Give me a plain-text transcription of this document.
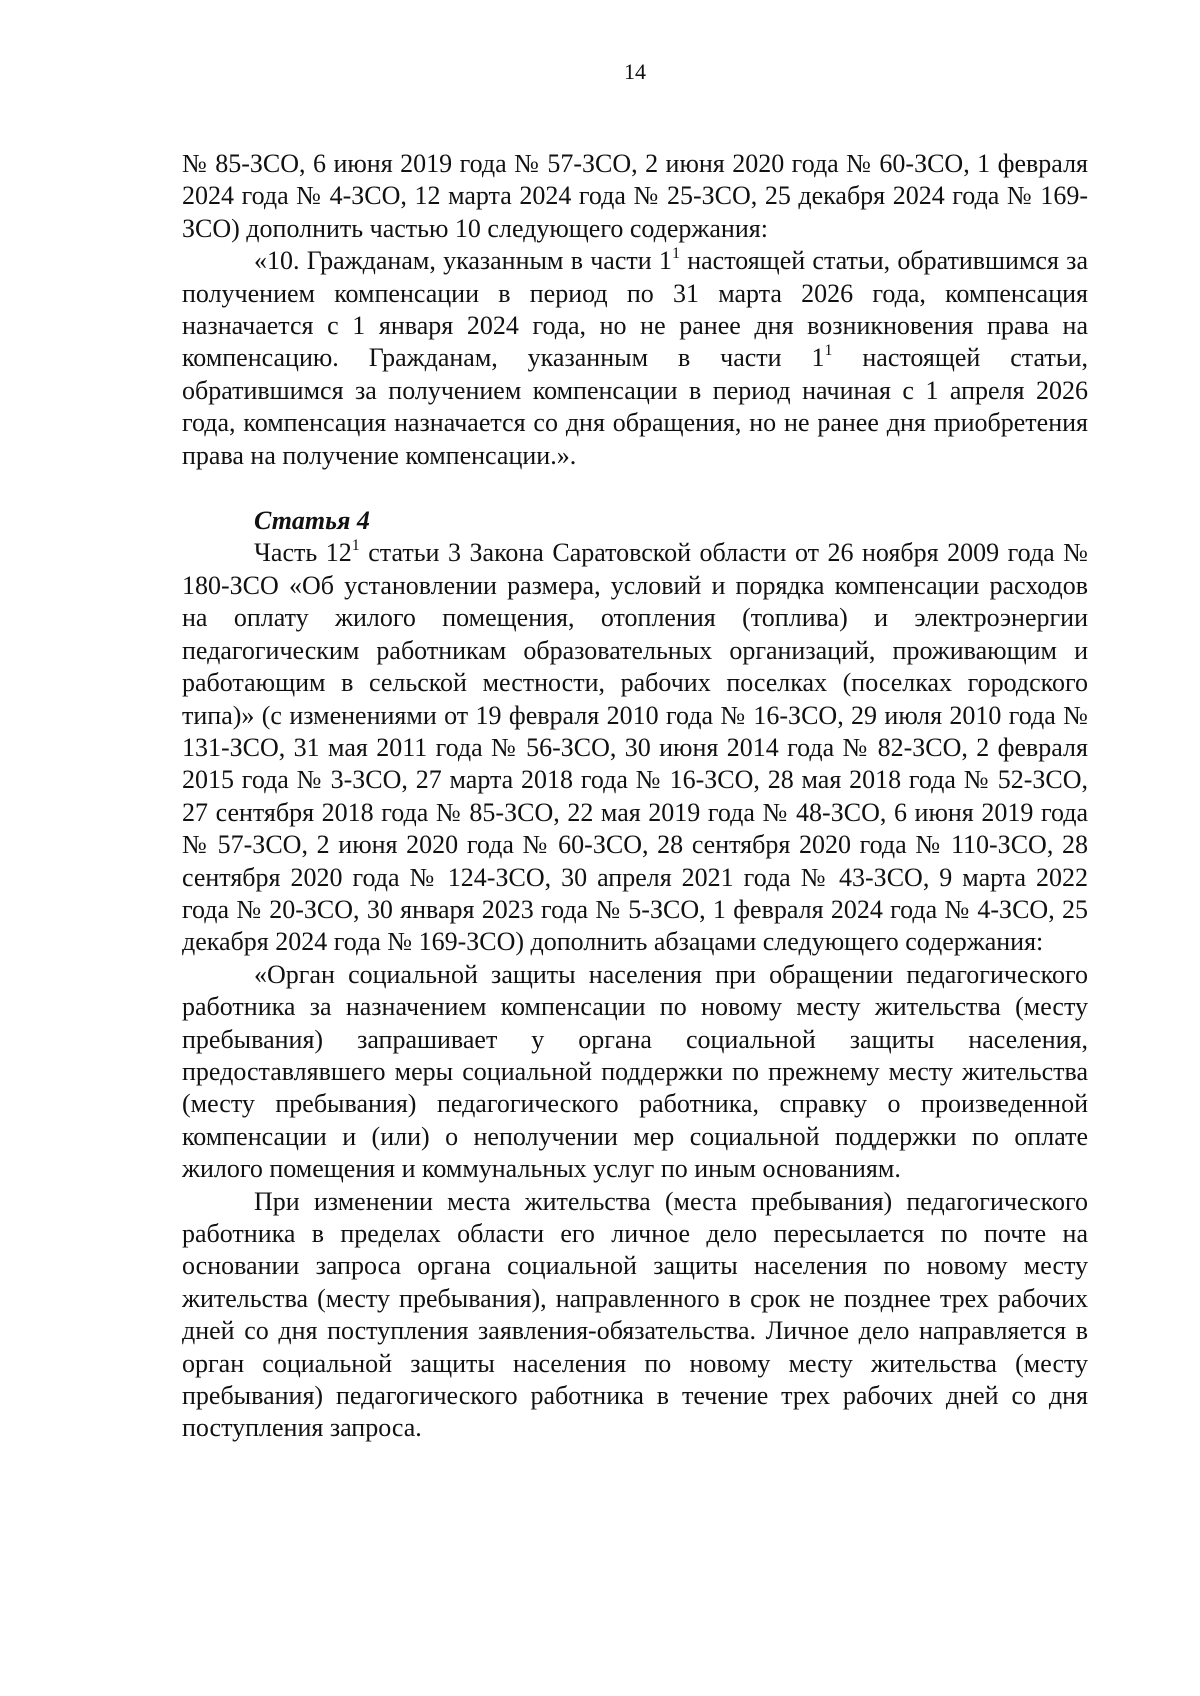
14

№ 85-ЗСО, 6 июня 2019 года № 57-ЗСО, 2 июня 2020 года № 60-ЗСО, 1 февраля 2024 года № 4-ЗСО, 12 марта 2024 года № 25-ЗСО, 25 декабря 2024 года № 169-ЗСО) дополнить частью 10 следующего содержания:

«10. Гражданам, указанным в части $1^1$ настоящей статьи, обратившимся за получением компенсации в период по 31 марта 2026 года, компенсация назначается с 1 января 2024 года, но не ранее дня возникновения права на компенсацию. Гражданам, указанным в части $1^1$ настоящей статьи, обратившимся за получением компенсации в период начиная с 1 апреля 2026 года, компенсация назначается со дня обращения, но не ранее дня приобретения права на получение компенсации.».

Статья 4

Часть $12^1$ статьи 3 Закона Саратовской области от 26 ноября 2009 года № 180-ЗСО «Об установлении размера, условий и порядка компенсации расходов на оплату жилого помещения, отопления (топлива) и электроэнергии педагогическим работникам образовательных организаций, проживающим и работающим в сельской местности, рабочих поселках (поселках городского типа)» (с изменениями от 19 февраля 2010 года № 16-ЗСО, 29 июля 2010 года № 131-ЗСО, 31 мая 2011 года № 56-ЗСО, 30 июня 2014 года № 82-ЗСО, 2 февраля 2015 года № 3-ЗСО, 27 марта 2018 года № 16-ЗСО, 28 мая 2018 года № 52-ЗСО, 27 сентября 2018 года № 85-ЗСО, 22 мая 2019 года № 48-ЗСО, 6 июня 2019 года № 57-ЗСО, 2 июня 2020 года № 60-ЗСО, 28 сентября 2020 года № 110-ЗСО, 28 сентября 2020 года № 124-ЗСО, 30 апреля 2021 года № 43-ЗСО, 9 марта 2022 года № 20-ЗСО, 30 января 2023 года № 5-ЗСО, 1 февраля 2024 года № 4-ЗСО, 25 декабря 2024 года № 169-ЗСО) дополнить абзацами следующего содержания:

«Орган социальной защиты населения при обращении педагогического работника за назначением компенсации по новому месту жительства (месту пребывания) запрашивает у органа социальной защиты населения, предоставлявшего меры социальной поддержки по прежнему месту жительства (месту пребывания) педагогического работника, справку о произведенной компенсации и (или) о неполучении мер социальной поддержки по оплате жилого помещения и коммунальных услуг по иным основаниям.

При изменении места жительства (места пребывания) педагогического работника в пределах области его личное дело пересылается по почте на основании запроса органа социальной защиты населения по новому месту жительства (месту пребывания), направленного в срок не позднее трех рабочих дней со дня поступления заявления-обязательства. Личное дело направляется в орган социальной защиты населения по новому месту жительства (месту пребывания) педагогического работника в течение трех рабочих дней со дня поступления запроса.
